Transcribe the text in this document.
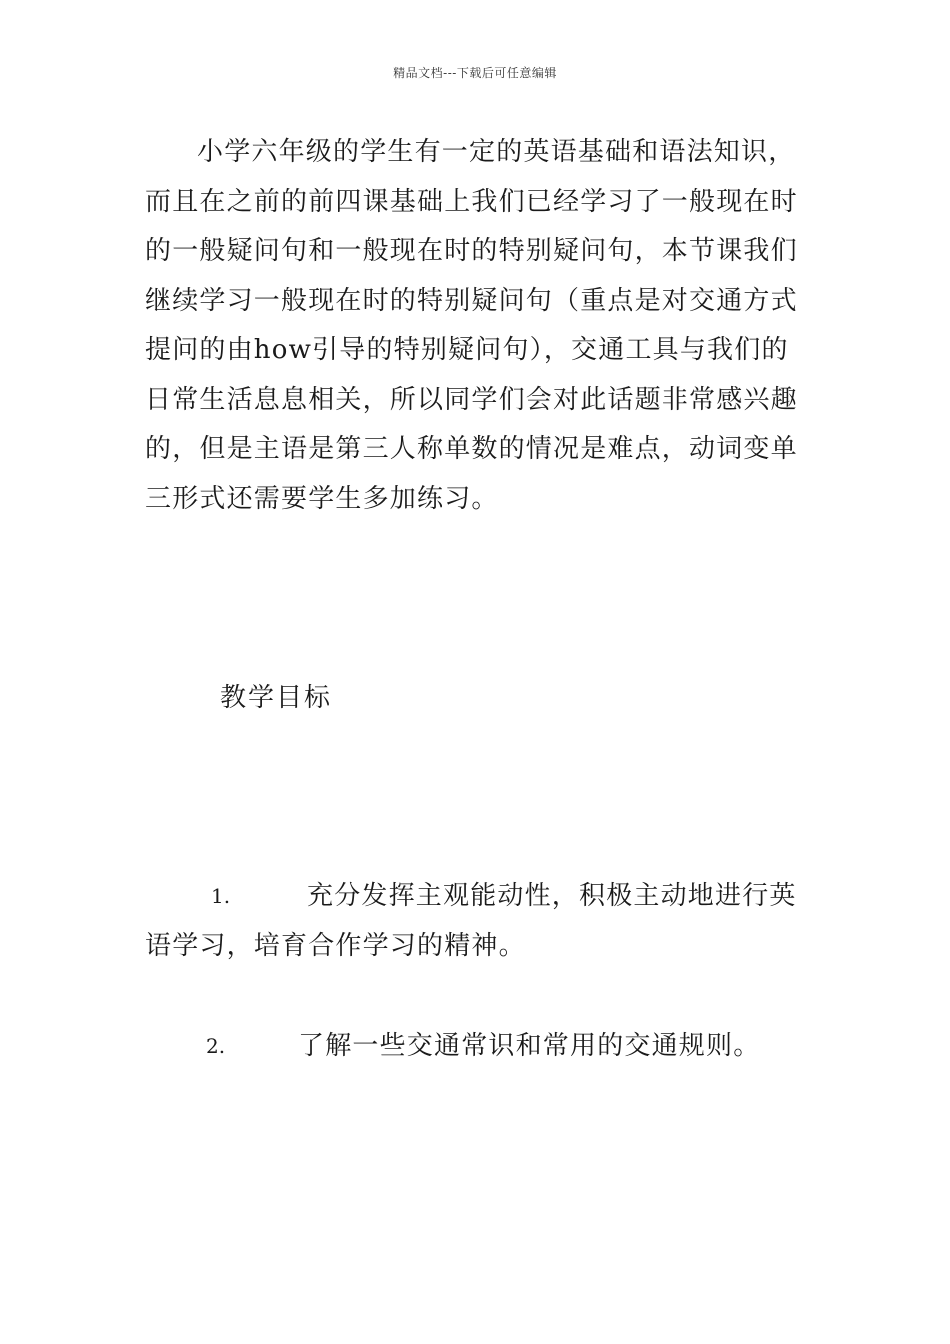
精品文档---下载后可任意编辑

小学六年级的学生有一定的英语基础和语法知识，而且在之前的前四课基础上我们已经学习了一般现在时的一般疑问句和一般现在时的特别疑问句，本节课我们继续学习一般现在时的特别疑问句（重点是对交通方式提问的由how引导的特别疑问句），交通工具与我们的日常生活息息相关，所以同学们会对此话题非常感兴趣的，但是主语是第三人称单数的情况是难点，动词变单三形式还需要学生多加练习。

教学目标

1.	充分发挥主观能动性，积极主动地进行英语学习，培育合作学习的精神。

2.	了解一些交通常识和常用的交通规则。
